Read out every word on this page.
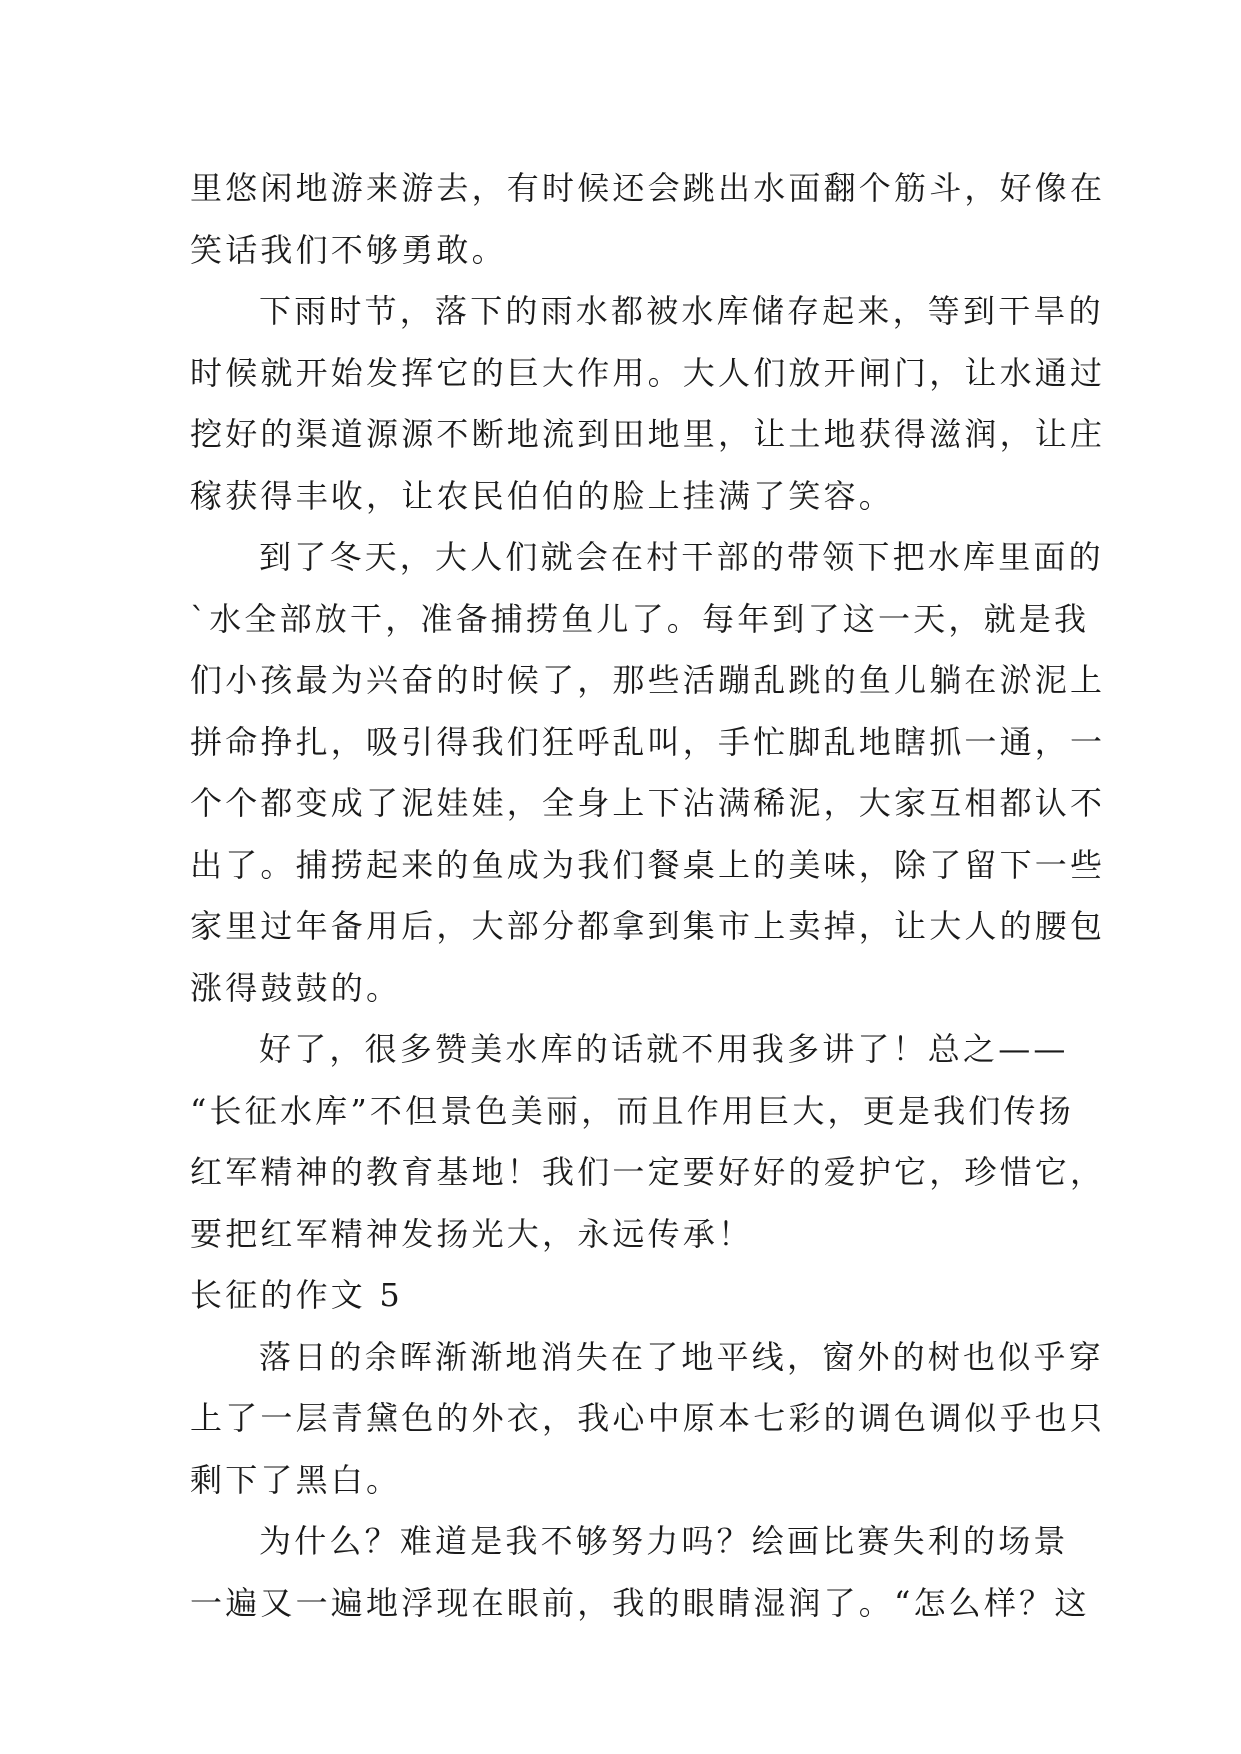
里悠闲地游来游去，有时候还会跳出水面翻个筋斗，好像在
笑话我们不够勇敢。
下雨时节，落下的雨水都被水库储存起来，等到干旱的
时候就开始发挥它的巨大作用。大人们放开闸门，让水通过
挖好的渠道源源不断地流到田地里，让土地获得滋润，让庄
稼获得丰收，让农民伯伯的脸上挂满了笑容。
到了冬天，大人们就会在村干部的带领下把水库里面的
`水全部放干，准备捕捞鱼儿了。每年到了这一天，就是我
们小孩最为兴奋的时候了，那些活蹦乱跳的鱼儿躺在淤泥上
拼命挣扎，吸引得我们狂呼乱叫，手忙脚乱地瞎抓一通，一
个个都变成了泥娃娃，全身上下沾满稀泥，大家互相都认不
出了。捕捞起来的鱼成为我们餐桌上的美味，除了留下一些
家里过年备用后，大部分都拿到集市上卖掉，让大人的腰包
涨得鼓鼓的。
好了，很多赞美水库的话就不用我多讲了！总之——
“长征水库”不但景色美丽，而且作用巨大，更是我们传扬
红军精神的教育基地！我们一定要好好的爱护它，珍惜它，
要把红军精神发扬光大，永远传承！
长征的作文 5
落日的余晖渐渐地消失在了地平线，窗外的树也似乎穿
上了一层青黛色的外衣，我心中原本七彩的调色调似乎也只
剩下了黑白。
为什么？难道是我不够努力吗？绘画比赛失利的场景
一遍又一遍地浮现在眼前，我的眼睛湿润了。“怎么样？这
